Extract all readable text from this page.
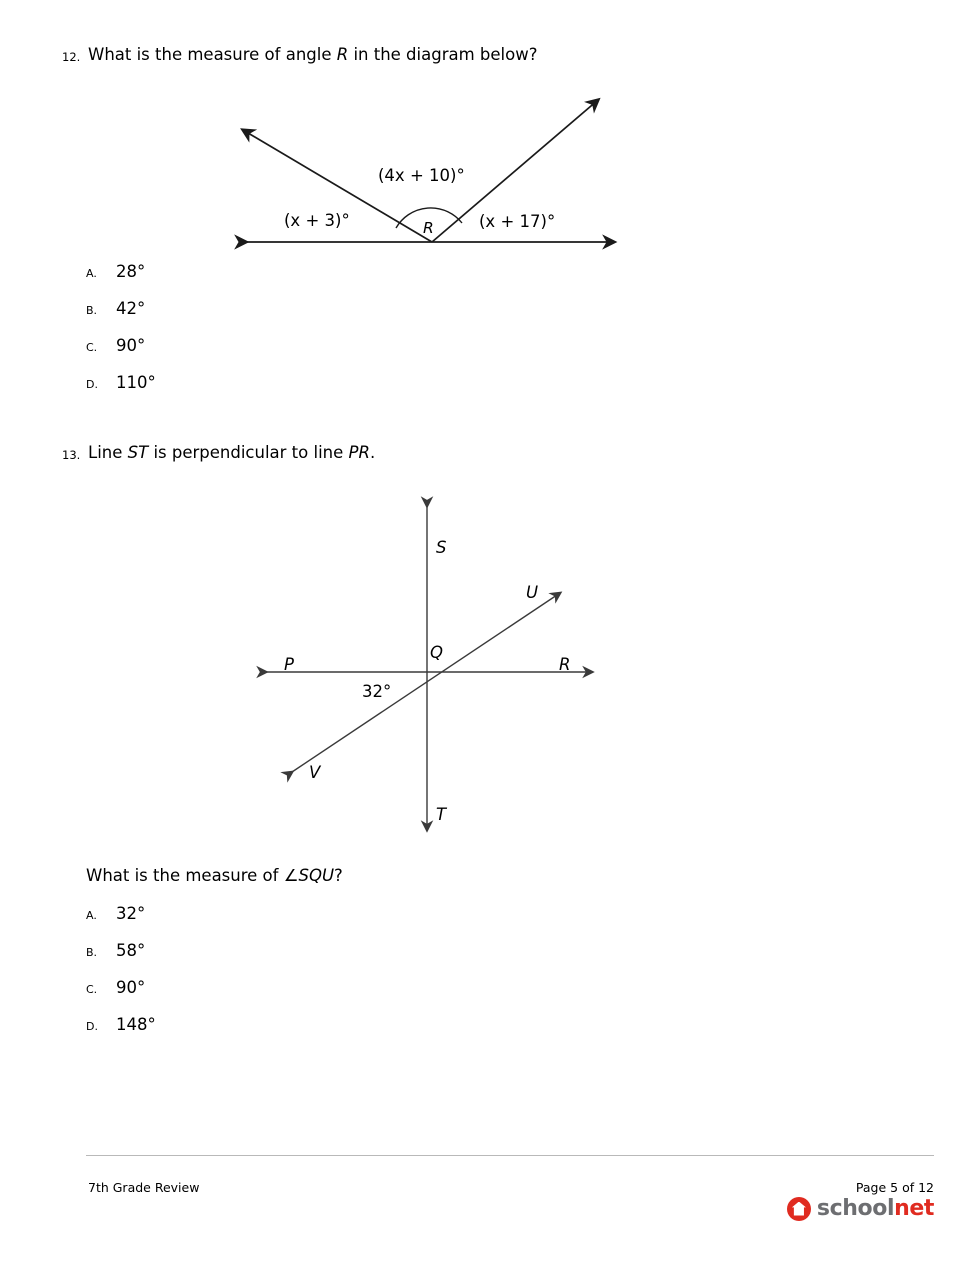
12. What is the measure of angle R in the diagram below?
(4x + 10)°
(x + 3)°	(x + 17)°
R
A.	28°
B.	42°
C.	90°
D.	110°
13. Line ST is perpendicular to line PR.
S
T
P	R
Q
U
V
32°
What is the measure of ∠SQU?
A.	32°
B.	58°
C.	90°
D.	148°
7th Grade Review	Page 5 of 12
schoolnet
